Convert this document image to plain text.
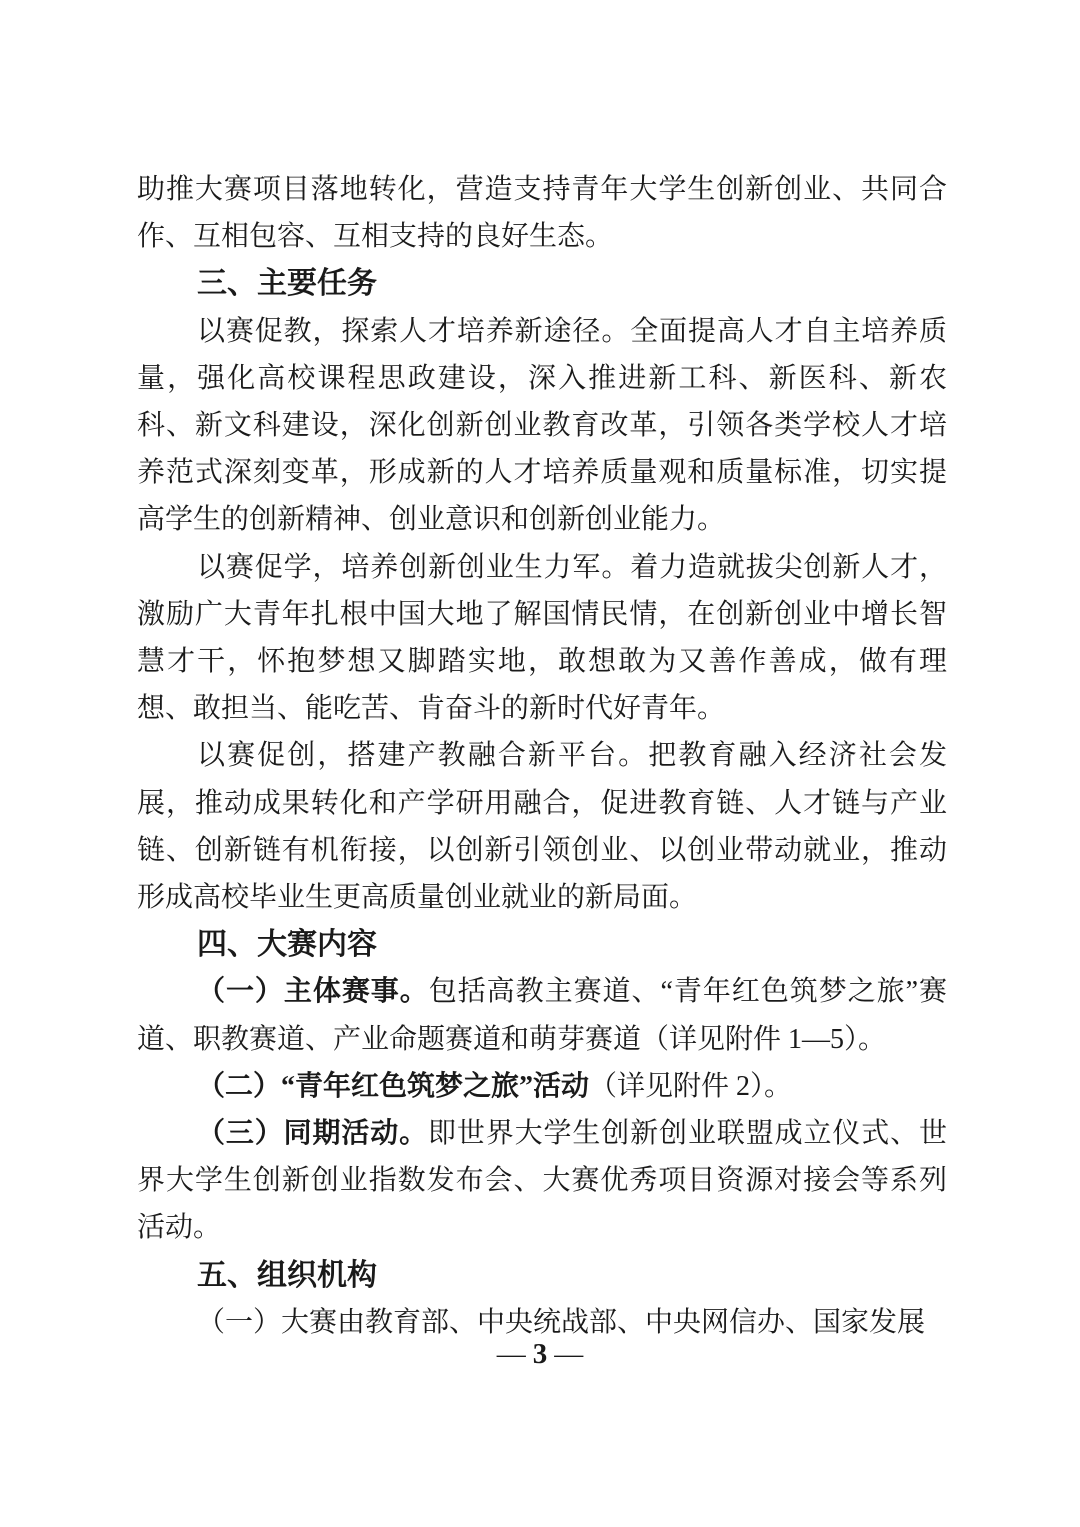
助推大赛项目落地转化，营造支持青年大学生创新创业、共同合作、互相包容、互相支持的良好生态。

三、主要任务

以赛促教，探索人才培养新途径。全面提高人才自主培养质量，强化高校课程思政建设，深入推进新工科、新医科、新农科、新文科建设，深化创新创业教育改革，引领各类学校人才培养范式深刻变革，形成新的人才培养质量观和质量标准，切实提高学生的创新精神、创业意识和创新创业能力。

以赛促学，培养创新创业生力军。着力造就拔尖创新人才，激励广大青年扎根中国大地了解国情民情，在创新创业中增长智慧才干，怀抱梦想又脚踏实地，敢想敢为又善作善成，做有理想、敢担当、能吃苦、肯奋斗的新时代好青年。

以赛促创，搭建产教融合新平台。把教育融入经济社会发展，推动成果转化和产学研用融合，促进教育链、人才链与产业链、创新链有机衔接，以创新引领创业、以创业带动就业，推动形成高校毕业生更高质量创业就业的新局面。

四、大赛内容

（一）主体赛事。包括高教主赛道、“青年红色筑梦之旅”赛道、职教赛道、产业命题赛道和萌芽赛道（详见附件 1—5）。

（二）“青年红色筑梦之旅”活动（详见附件 2）。

（三）同期活动。即世界大学生创新创业联盟成立仪式、世界大学生创新创业指数发布会、大赛优秀项目资源对接会等系列活动。

五、组织机构

（一）大赛由教育部、中央统战部、中央网信办、国家发展

— 3 —
